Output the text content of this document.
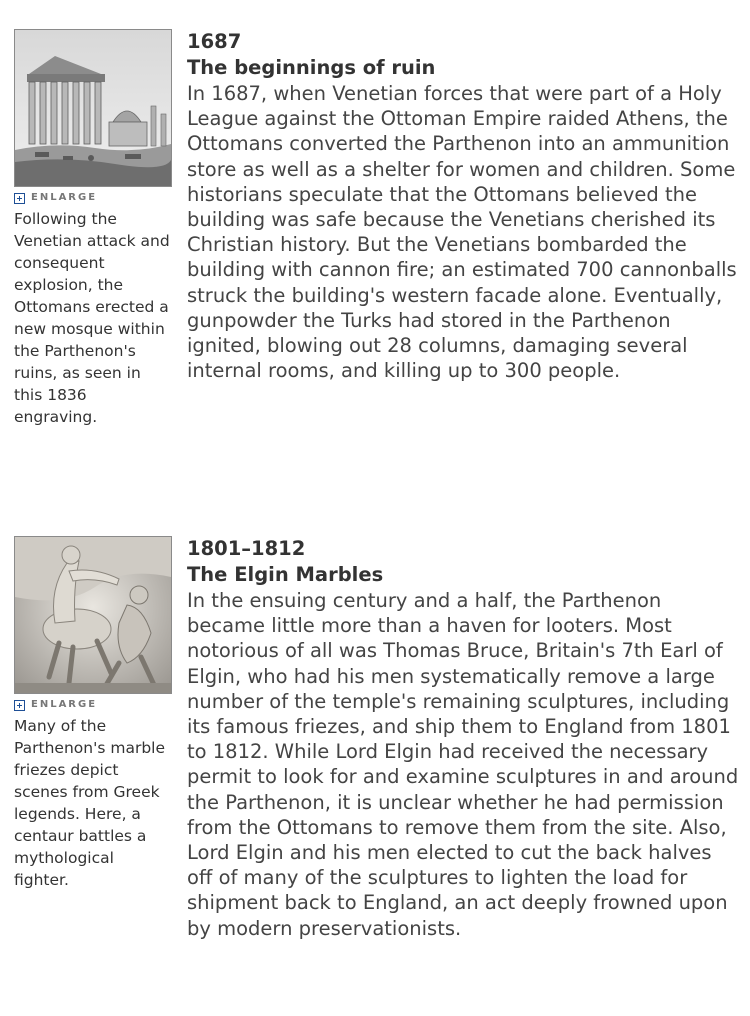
ENLARGE
Following the Venetian attack and consequent explosion, the Ottomans erected a new mosque within the Parthenon's ruins, as seen in this 1836 engraving.
1687
The beginnings of ruin

In 1687, when Venetian forces that were part of a Holy League against the Ottoman Empire raided Athens, the Ottomans converted the Parthenon into an ammunition store as well as a shelter for women and children. Some historians speculate that the Ottomans believed the building was safe because the Venetians cherished its Christian history. But the Venetians bombarded the building with cannon fire; an estimated 700 cannonballs struck the building's western facade alone. Eventually, gunpowder the Turks had stored in the Parthenon ignited, blowing out 28 columns, damaging several internal rooms, and killing up to 300 people.

ENLARGE
Many of the Parthenon's marble friezes depict scenes from Greek legends. Here, a centaur battles a mythological fighter.
1801–1812
The Elgin Marbles

In the ensuing century and a half, the Parthenon became little more than a haven for looters. Most notorious of all was Thomas Bruce, Britain's 7th Earl of Elgin, who had his men systematically remove a large number of the temple's remaining sculptures, including its famous friezes, and ship them to England from 1801 to 1812. While Lord Elgin had received the necessary permit to look for and examine sculptures in and around the Parthenon, it is unclear whether he had permission from the Ottomans to remove them from the site. Also, Lord Elgin and his men elected to cut the back halves off of many of the sculptures to lighten the load for shipment back to England, an act deeply frowned upon by modern preservationists.
